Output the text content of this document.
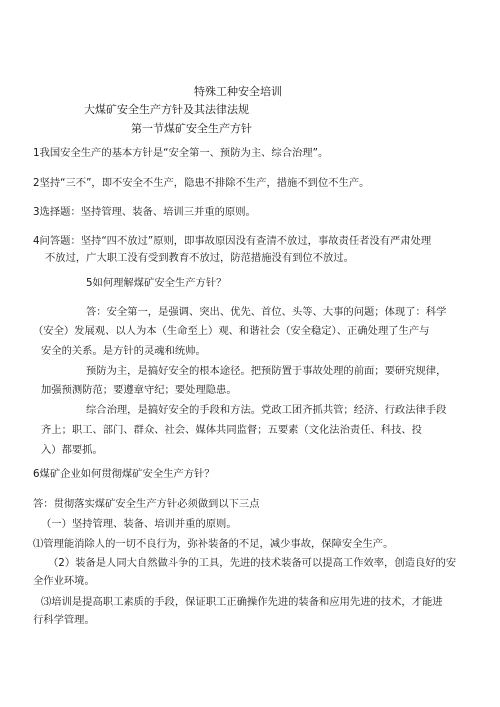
特殊工种安全培训
大煤矿安全生产方针及其法律法规
第一节煤矿安全生产方针
1我国安全生产的基本方针是“安全第一、预防为主、综合治理”。
2坚持“三不”，即不安全不生产，隐患不排除不生产，措施不到位不生产。
3选择题：坚持管理、装备、培训三并重的原则。
4问答题：坚持“四不放过”原则，即事故原因没有查清不放过，事故责任者没有严肃处理
不放过，广大职工没有受到教育不放过，防范措施没有到位不放过。
5如何理解煤矿安全生产方针？
答：安全第一，是强调、突出、优先、首位、头等、大事的问题；体现了：科学
（安全）发展观、以人为本（生命至上）观、和谐社会（安全稳定）、正确处理了生产与
安全的关系。是方针的灵魂和统帅。
预防为主，是搞好安全的根本途径。把预防置于事故处理的前面；要研究规律，
加强预测防范；要遵章守纪；要处理隐患。
综合治理，是搞好安全的手段和方法。党政工团齐抓共管；经济、行政法律手段
齐上；职工、部门、群众、社会、媒体共同监督；五要素（文化法治责任、科技、投
入）都要抓。
6煤矿企业如何贯彻煤矿安全生产方针？
答：贯彻落实煤矿安全生产方针必须做到以下三点
（一）坚持管理、装备、培训并重的原则。
⑴管理能消除人的一切不良行为，弥补装备的不足，减少事故，保障安全生产。
（2）装备是人同大自然做斗争的工具，先进的技术装备可以提高工作效率，创造良好的安
全作业环境。
⑶培训是提高职工素质的手段，保证职工正确操作先进的装备和应用先进的技术，才能进
行科学管理。
